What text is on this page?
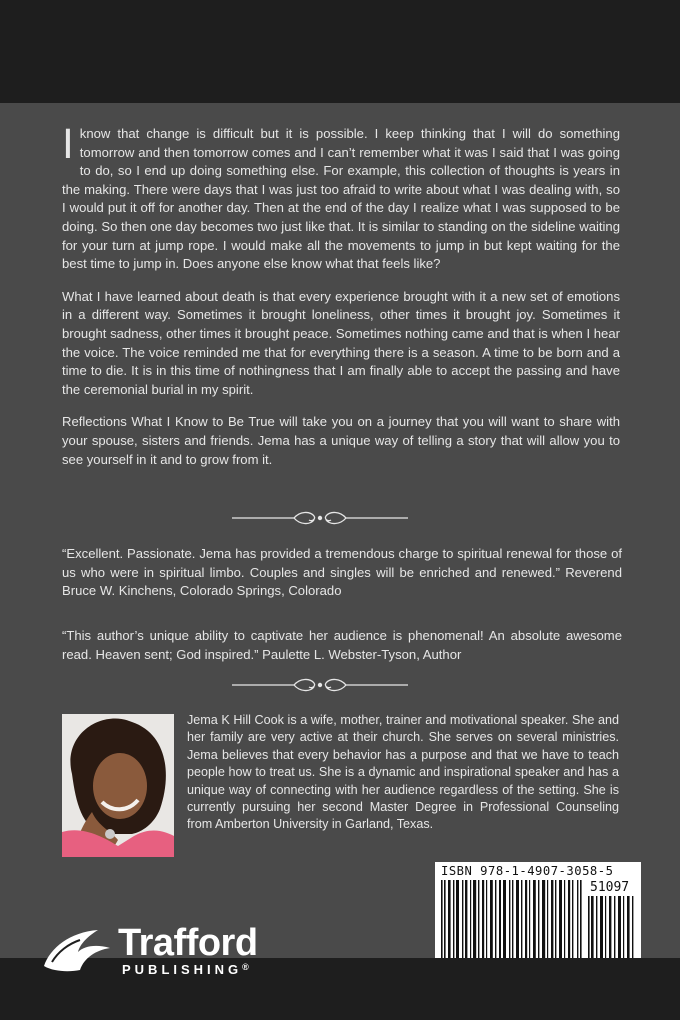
I know that change is difficult but it is possible. I keep thinking that I will do something tomorrow and then tomorrow comes and I can’t remember what it was I said that I was going to do, so I end up doing something else. For example, this collection of thoughts is years in the making. There were days that I was just too afraid to write about what I was dealing with, so I would put it off for another day. Then at the end of the day I realize what I was supposed to be doing. So then one day becomes two just like that. It is similar to standing on the sideline waiting for your turn at jump rope. I would make all the movements to jump in but kept waiting for the best time to jump in. Does anyone else know what that feels like?

What I have learned about death is that every experience brought with it a new set of emotions in a different way. Sometimes it brought loneliness, other times it brought joy. Sometimes it brought sadness, other times it brought peace. Sometimes nothing came and that is when I hear the voice. The voice reminded me that for everything there is a season. A time to be born and a time to die. It is in this time of nothingness that I am finally able to accept the passing and have the ceremonial burial in my spirit.

Reflections What I Know to Be True will take you on a journey that you will want to share with your spouse, sisters and friends. Jema has a unique way of telling a story that will allow you to see yourself in it and to grow from it.

“Excellent. Passionate. Jema has provided a tremendous charge to spiritual renewal for those of us who were in spiritual limbo. Couples and singles will be enriched and renewed.” Reverend Bruce W. Kinchens, Colorado Springs, Colorado

“This author’s unique ability to captivate her audience is phenomenal! An absolute awesome read. Heaven sent; God inspired.” Paulette L. Webster-Tyson, Author

Jema K Hill Cook is a wife, mother, trainer and motivational speaker. She and her family are very active at their church. She serves on several ministries. Jema believes that every behavior has a purpose and that we have to teach people how to treat us. She is a dynamic and inspirational speaker and has a unique way of connecting with her audience regardless of the setting. She is currently pursuing her second Master Degree in Professional Counseling from Amberton University in Garland, Texas.
ISBN 978-1-4907-3058-5
51097
Trafford
PUBLISHING®
